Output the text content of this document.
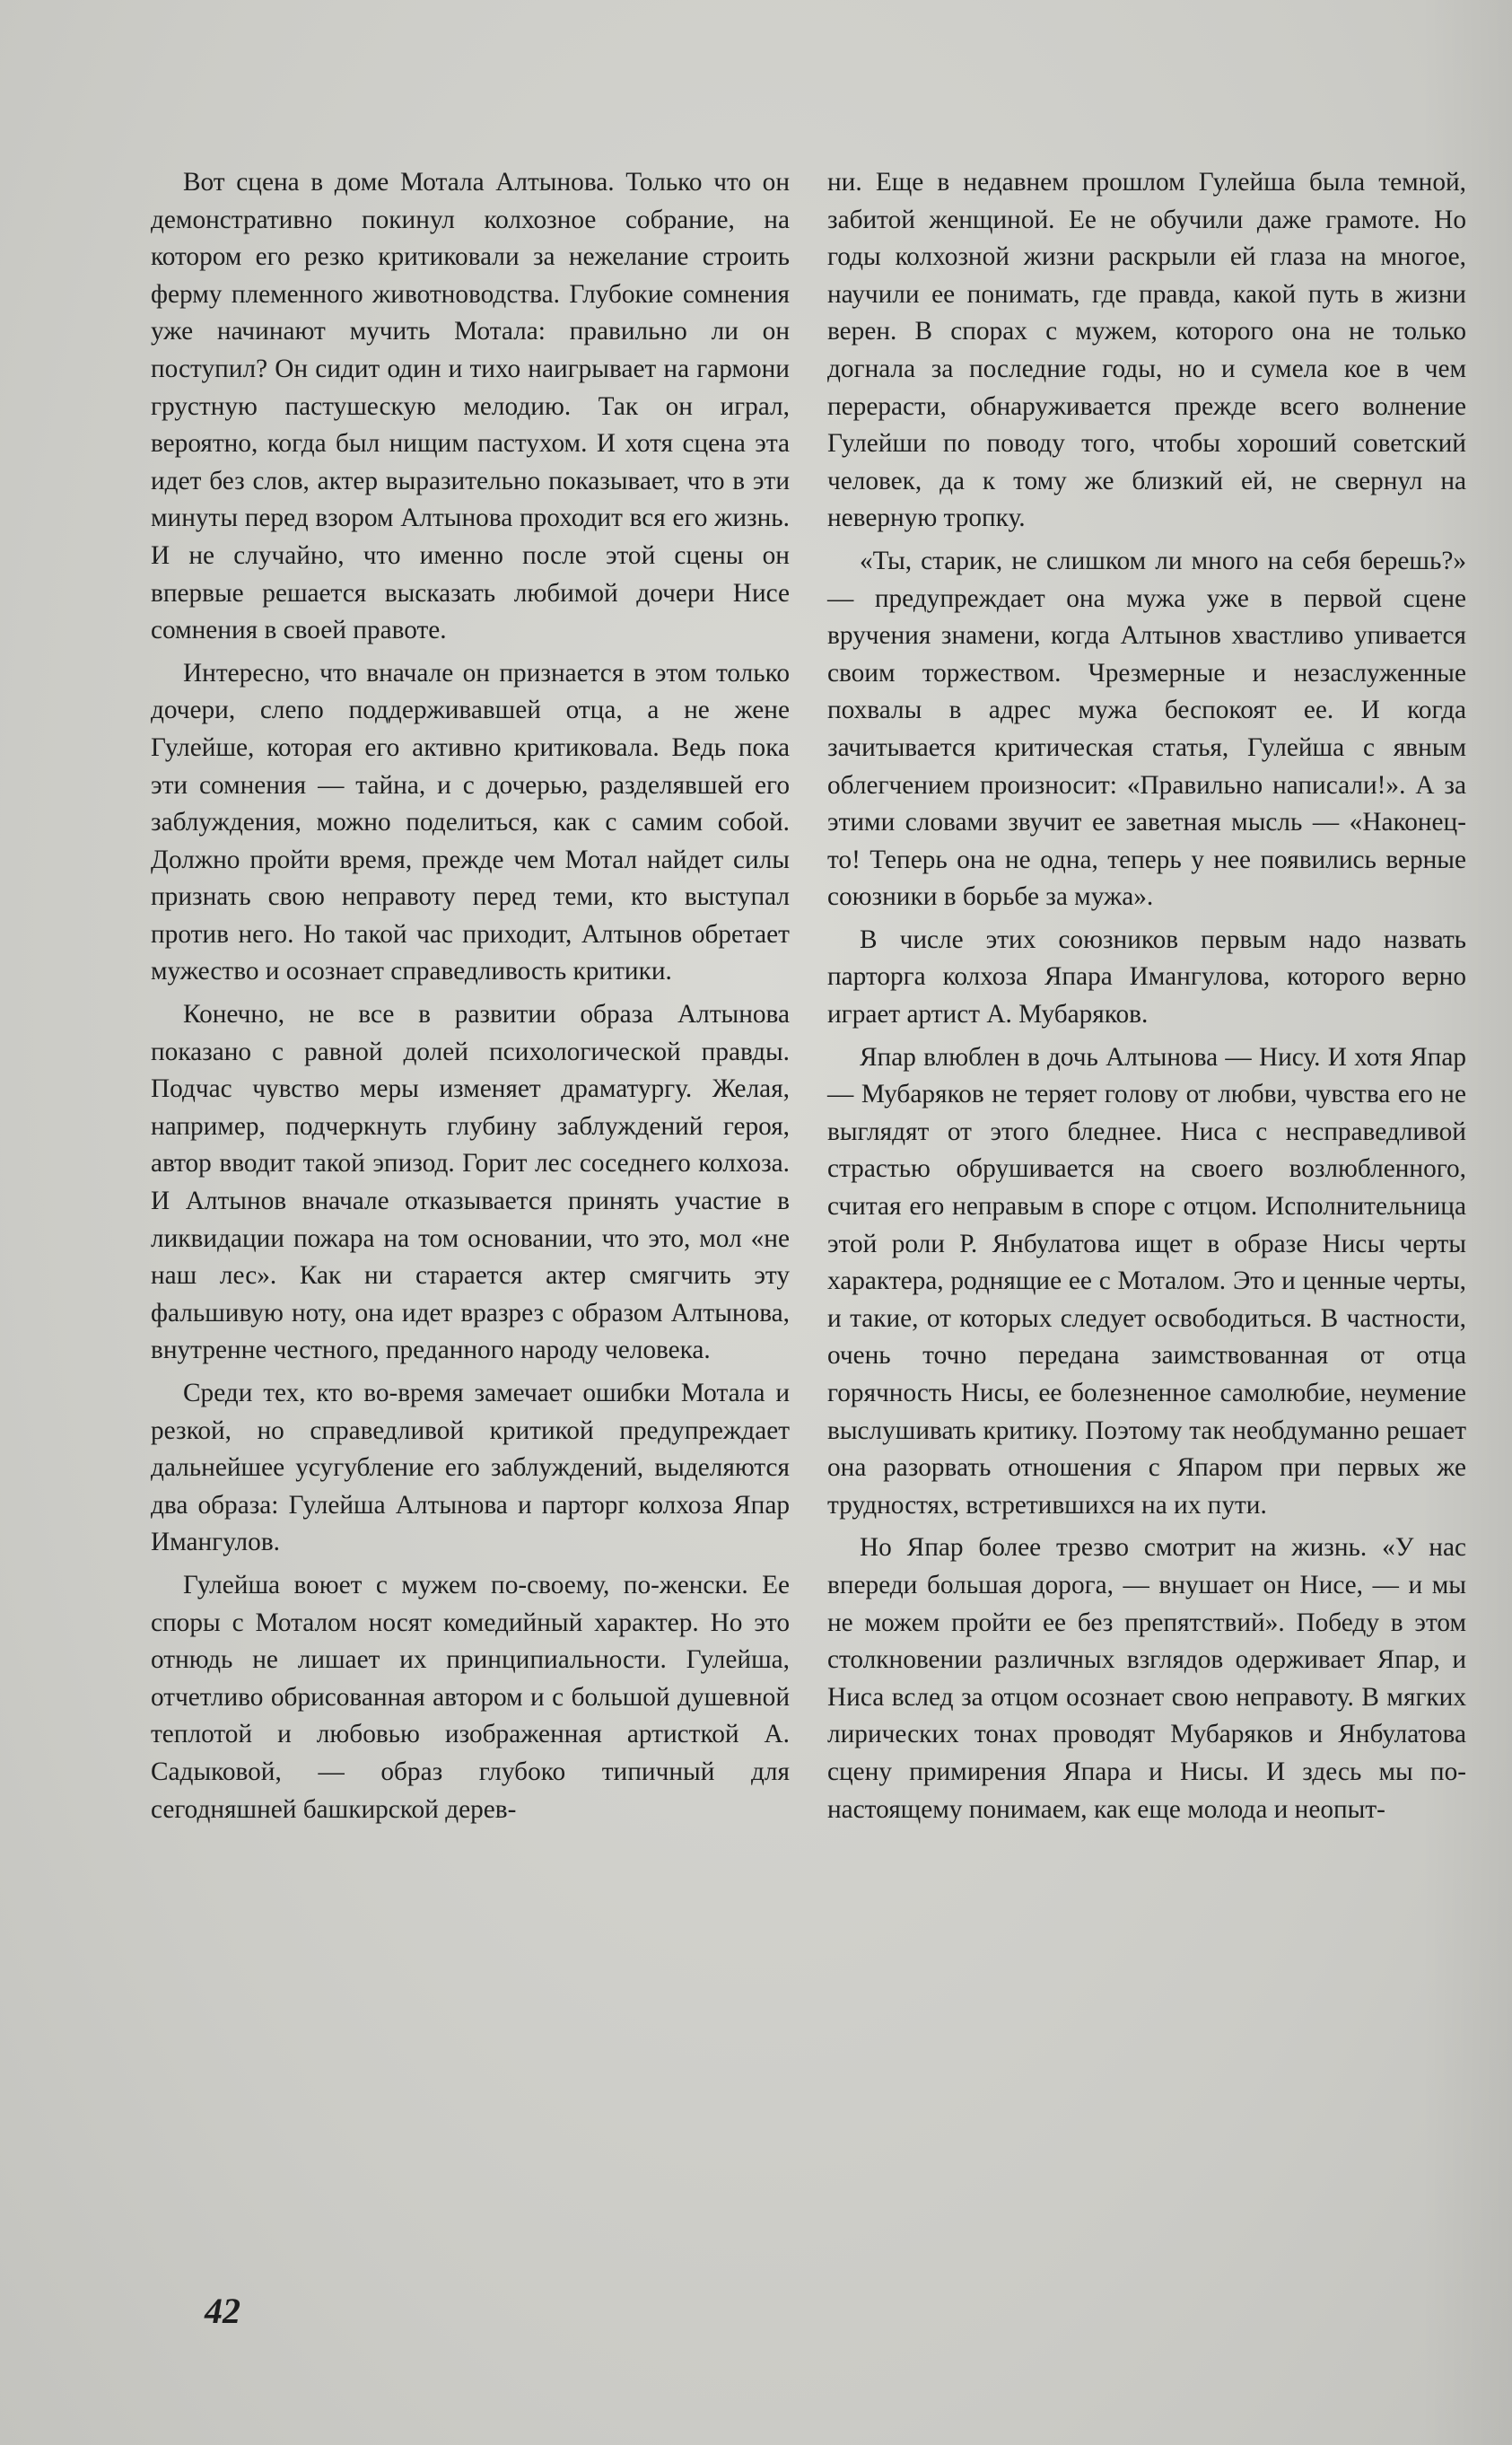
Вот сцена в доме Мотала Алтынова. Только что он демонстративно покинул колхозное собрание, на котором его резко критиковали за нежелание строить ферму племенного животноводства. Глубокие сомнения уже начинают мучить Мотала: правильно ли он поступил? Он сидит один и тихо наигрывает на гармони грустную пастушескую мелодию. Так он играл, вероятно, когда был нищим пастухом. И хотя сцена эта идет без слов, актер выразительно показывает, что в эти минуты перед взором Алтынова проходит вся его жизнь. И не случайно, что именно после этой сцены он впервые решается высказать любимой дочери Нисе сомнения в своей правоте.

Интересно, что вначале он признается в этом только дочери, слепо поддерживавшей отца, а не жене Гулейше, которая его активно критиковала. Ведь пока эти сомнения — тайна, и с дочерью, разделявшей его заблуждения, можно поделиться, как с самим собой. Должно пройти время, прежде чем Мотал найдет силы признать свою неправоту перед теми, кто выступал против него. Но такой час приходит, Алтынов обретает мужество и осознает справедливость критики.

Конечно, не все в развитии образа Алтынова показано с равной долей психологической правды. Подчас чувство меры изменяет драматургу. Желая, например, подчеркнуть глубину заблуждений героя, автор вводит такой эпизод. Горит лес соседнего колхоза. И Алтынов вначале отказывается принять участие в ликвидации пожара на том основании, что это, мол «не наш лес». Как ни старается актер смягчить эту фальшивую ноту, она идет вразрез с образом Алтынова, внутренне честного, преданного народу человека.

Среди тех, кто во-время замечает ошибки Мотала и резкой, но справедливой критикой предупреждает дальнейшее усугубление его заблуждений, выделяются два образа: Гулейша Алтынова и парторг колхоза Япар Имангулов.

Гулейша воюет с мужем по-своему, по-женски. Ее споры с Моталом носят комедийный характер. Но это отнюдь не лишает их принципиальности. Гулейша, отчетливо обрисованная автором и с большой душевной теплотой и любовью изображенная артисткой А. Садыковой, — образ глубоко типичный для сегодняшней башкирской дерев-

ни. Еще в недавнем прошлом Гулейша была темной, забитой женщиной. Ее не обучили даже грамоте. Но годы колхозной жизни раскрыли ей глаза на многое, научили ее понимать, где правда, какой путь в жизни верен. В спорах с мужем, которого она не только догнала за последние годы, но и сумела кое в чем перерасти, обнаруживается прежде всего волнение Гулейши по поводу того, чтобы хороший советский человек, да к тому же близкий ей, не свернул на неверную тропку.

«Ты, старик, не слишком ли много на себя берешь?» — предупреждает она мужа уже в первой сцене вручения знамени, когда Алтынов хвастливо упивается своим торжеством. Чрезмерные и незаслуженные похвалы в адрес мужа беспокоят ее. И когда зачитывается критическая статья, Гулейша с явным облегчением произносит: «Правильно написали!». А за этими словами звучит ее заветная мысль — «Наконец-то! Теперь она не одна, теперь у нее появились верные союзники в борьбе за мужа».

В числе этих союзников первым надо назвать парторга колхоза Япара Имангулова, которого верно играет артист А. Мубаряков.

Япар влюблен в дочь Алтынова — Нису. И хотя Япар — Мубаряков не теряет голову от любви, чувства его не выглядят от этого бледнее. Ниса с несправедливой страстью обрушивается на своего возлюбленного, считая его неправым в споре с отцом. Исполнительница этой роли Р. Янбулатова ищет в образе Нисы черты характера, роднящие ее с Моталом. Это и ценные черты, и такие, от которых следует освободиться. В частности, очень точно передана заимствованная от отца горячность Нисы, ее болезненное самолюбие, неумение выслушивать критику. Поэтому так необдуманно решает она разорвать отношения с Япаром при первых же трудностях, встретившихся на их пути.

Но Япар более трезво смотрит на жизнь. «У нас впереди большая дорога, — внушает он Нисе, — и мы не можем пройти ее без препятствий». Победу в этом столкновении различных взглядов одерживает Япар, и Ниса вслед за отцом осознает свою неправоту. В мягких лирических тонах проводят Мубаряков и Янбулатова сцену примирения Япара и Нисы. И здесь мы по-настоящему понимаем, как еще молода и неопыт-

42
